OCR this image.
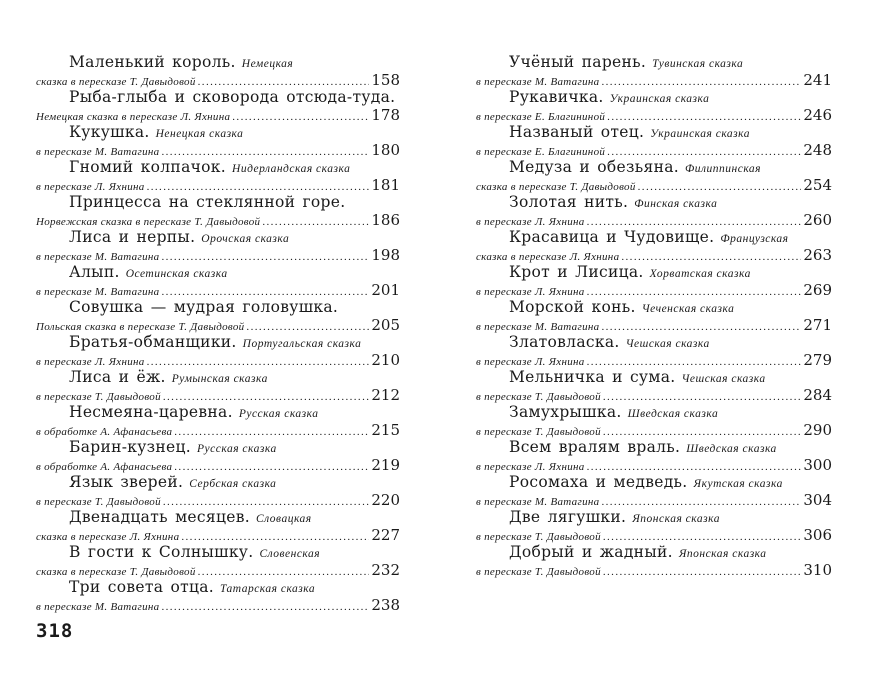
Маленький король. Немецкая
сказка в пересказе Т. Давыдовой .....	158
Рыба-глыба и сковорода отсюда-туда.
Немецкая сказка в пересказе Л. Яхнина .....	178
Кукушка. Ненецкая сказка
в пересказе М. Ватагина .....	180
Гномий колпачок. Нидерландская сказка
в пересказе Л. Яхнина .....	181
Принцесса на стеклянной горе.
Норвежская сказка в пересказе Т. Давыдовой .....	186
Лиса и нерпы. Орочская сказка
в пересказе М. Ватагина .....	198
Алып. Осетинская сказка
в пересказе М. Ватагина .....	201
Совушка — мудрая головушка.
Польская сказка в пересказе Т. Давыдовой .....	205
Братья-обманщики. Португальская сказка
в пересказе Л. Яхнина .....	210
Лиса и ёж. Румынская сказка
в пересказе Т. Давыдовой .....	212
Несмеяна-царевна. Русская сказка
в обработке А. Афанасьева .....	215
Барин-кузнец. Русская сказка
в обработке А. Афанасьева .....	219
Язык зверей. Сербская сказка
в пересказе Т. Давыдовой .....	220
Двенадцать месяцев. Словацкая
сказка в пересказе Л. Яхнина .....	227
В гости к Солнышку. Словенская
сказка в пересказе Т. Давыдовой .....	232
Три совета отца. Татарская сказка
в пересказе М. Ватагина .....	238
Учёный парень. Тувинская сказка
в пересказе М. Ватагина .....	241
Рукавичка. Украинская сказка
в пересказе Е. Благининой .....	246
Названый отец. Украинская сказка
в пересказе Е. Благининой .....	248
Медуза и обезьяна. Филиппинская
сказка в пересказе Т. Давыдовой .....	254
Золотая нить. Финская сказка
в пересказе Л. Яхнина .....	260
Красавица и Чудовище. Французская
сказка в пересказе Л. Яхнина .....	263
Крот и Лисица. Хорватская сказка
в пересказе Л. Яхнина .....	269
Морской конь. Чеченская сказка
в пересказе М. Ватагина .....	271
Златовласка. Чешская сказка
в пересказе Л. Яхнина .....	279
Мельничка и сума. Чешская сказка
в пересказе Т. Давыдовой .....	284
Замухрышка. Шведская сказка
в пересказе Т. Давыдовой .....	290
Всем вралям враль. Шведская сказка
в пересказе Л. Яхнина .....	300
Росомаха и медведь. Якутская сказка
в пересказе М. Ватагина .....	304
Две лягушки. Японская сказка
в пересказе Т. Давыдовой .....	306
Добрый и жадный. Японская сказка
в пересказе Т. Давыдовой .....	310
318
